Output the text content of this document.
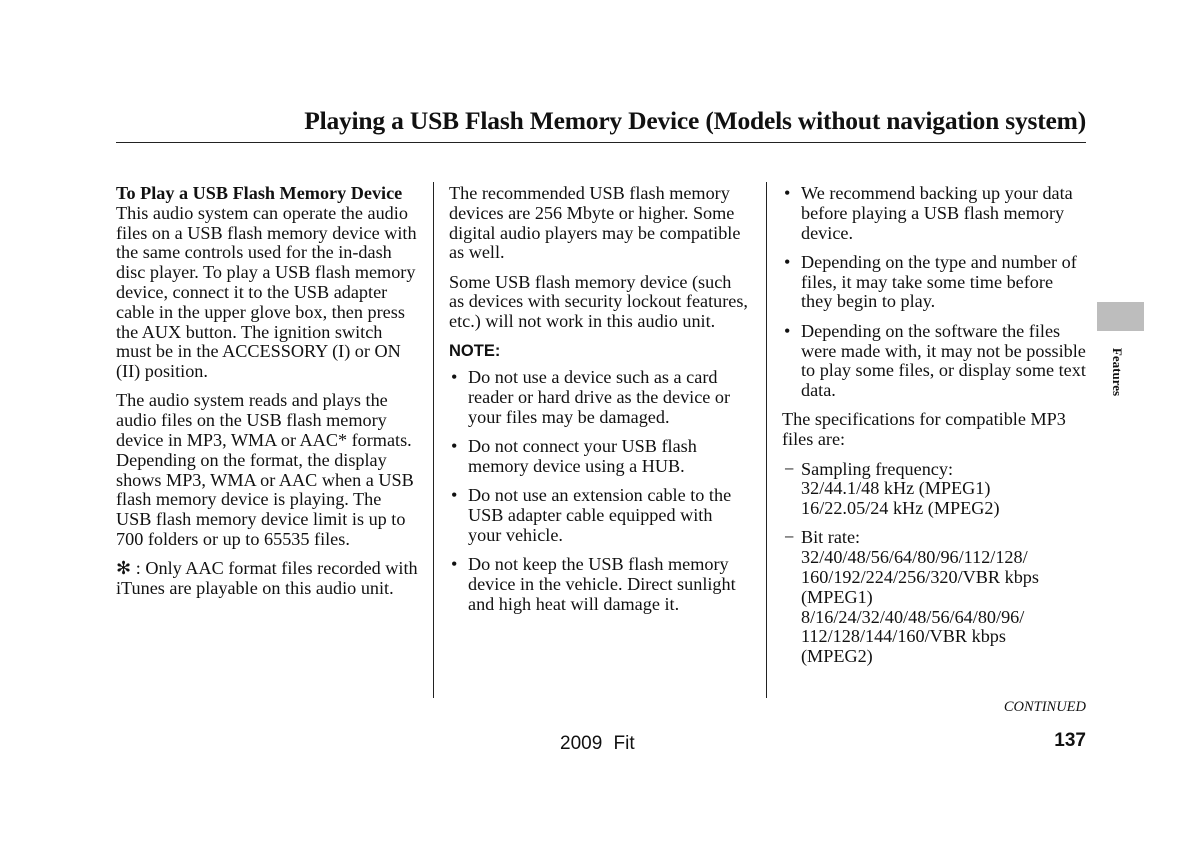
Playing a USB Flash Memory Device (Models without navigation system)
To Play a USB Flash Memory Device

This audio system can operate the audio files on a USB flash memory device with the same controls used for the in-dash disc player. To play a USB flash memory device, connect it to the USB adapter cable in the upper glove box, then press the AUX button. The ignition switch must be in the ACCESSORY (I) or ON (II) position.

The audio system reads and plays the audio files on the USB flash memory device in MP3, WMA or AAC* formats. Depending on the format, the display shows MP3, WMA or AAC when a USB flash memory device is playing. The USB flash memory device limit is up to 700 folders or up to 65535 files.

✻ : Only AAC format files recorded with iTunes are playable on this audio unit.

The recommended USB flash memory devices are 256 Mbyte or higher. Some digital audio players may be compatible as well.

Some USB flash memory device (such as devices with security lockout features, etc.) will not work in this audio unit.

NOTE:
• Do not use a device such as a card reader or hard drive as the device or your files may be damaged.
• Do not connect your USB flash memory device using a HUB.
• Do not use an extension cable to the USB adapter cable equipped with your vehicle.
• Do not keep the USB flash memory device in the vehicle. Direct sunlight and high heat will damage it.
• We recommend backing up your data before playing a USB flash memory device.
• Depending on the type and number of files, it may take some time before they begin to play.
• Depending on the software the files were made with, it may not be possible to play some files, or display some text data.

The specifications for compatible MP3 files are:

− Sampling frequency:
32/44.1/48 kHz (MPEG1)
16/22.05/24 kHz (MPEG2)
− Bit rate:
32/40/48/56/64/80/96/112/128/
160/192/224/256/320/VBR kbps
(MPEG1)
8/16/24/32/40/48/56/64/80/96/
112/128/144/160/VBR kbps
(MPEG2)
Features
CONTINUED
2009 Fit	137
